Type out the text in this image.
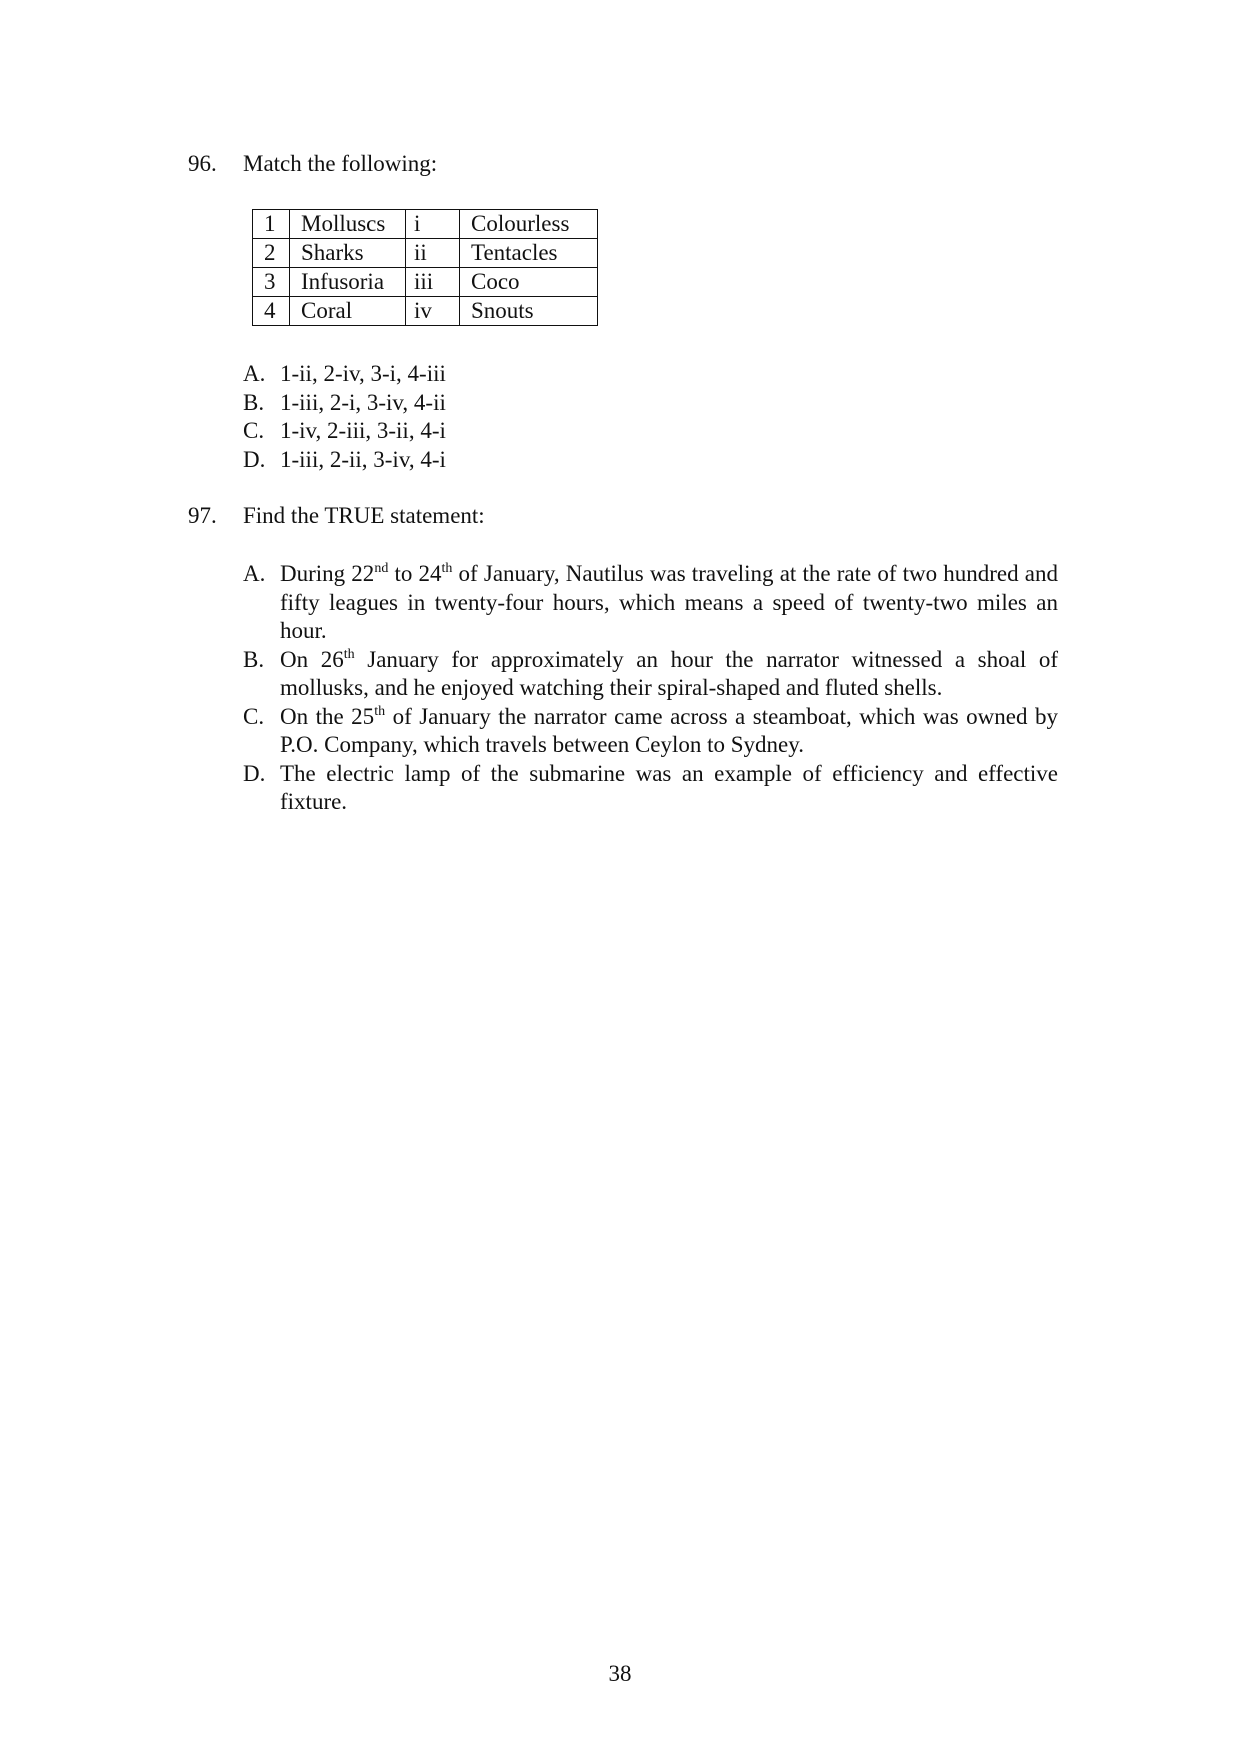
96. Match the following:
1	Molluscs	i	Colourless
2	Sharks	ii	Tentacles
3	Infusoria	iii	Coco
4	Coral	iv	Snouts
A. 1-ii, 2-iv, 3-i, 4-iii
B. 1-iii, 2-i, 3-iv, 4-ii
C. 1-iv, 2-iii, 3-ii, 4-i
D. 1-iii, 2-ii, 3-iv, 4-i
97. Find the TRUE statement:
A. During 22nd to 24th of January, Nautilus was traveling at the rate of two hundred and fifty leagues in twenty-four hours, which means a speed of twenty-two miles an hour.
B. On 26th January for approximately an hour the narrator witnessed a shoal of mollusks, and he enjoyed watching their spiral-shaped and fluted shells.
C. On the 25th of January the narrator came across a steamboat, which was owned by P.O. Company, which travels between Ceylon to Sydney.
D. The electric lamp of the submarine was an example of efficiency and effective fixture.
38
